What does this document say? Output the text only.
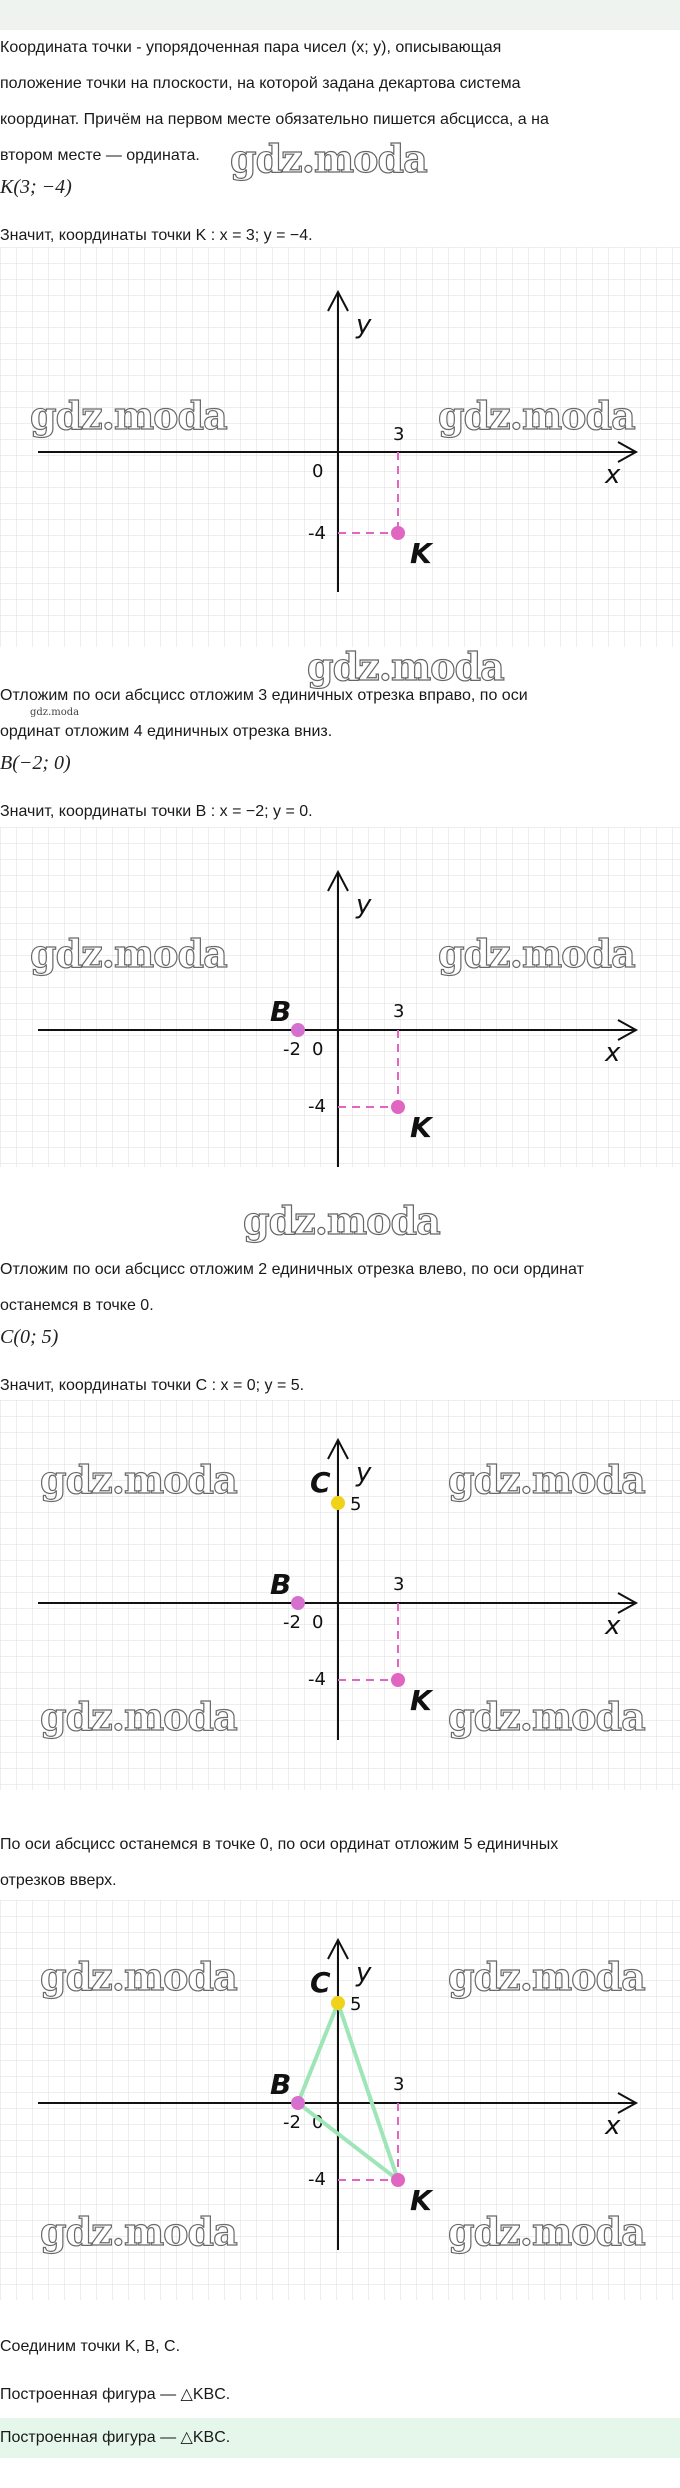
Координата точки - упорядоченная пара чисел (x; y), описывающая

положение точки на плоскости, на которой задана декартова система

координат. Причём на первом месте обязательно пишется абсцисса, а на

втором месте — ордината. gdz.moda
K(3; −4)

Значит, координаты точки K : x = 3; y = −4.

y
x
0
3
-4
K
gdz.moda	gdz.moda
gdz.moda

Отложим по оси абсцисс отложим 3 единичных отрезка вправо, по оси

gdz.moda

ординат отложим 4 единичных отрезка вниз.

B(−2; 0)

Значит, координаты точки B : x = −2; y = 0.

y
x
0
3
-2
-4
K
B
gdz.moda	gdz.moda
gdz.moda

Отложим по оси абсцисс отложим 2 единичных отрезка влево, по оси ординат

останемся в точке 0.

C(0; 5)

Значит, координаты точки C : x = 0; y = 5.

y
x
0
3
-2
-4
5
K
B
C
gdz.moda	gdz.moda
gdz.moda	gdz.moda

По оси абсцисс останемся в точке 0, по оси ординат отложим 5 единичных

отрезков вверх.

y
x
0
3
-2
-4
5
K
B
C
gdz.moda	gdz.moda
gdz.moda	gdz.moda

Соединим точки K, B, C.

Построенная фигура — △KBC.

Построенная фигура — △KBC.
